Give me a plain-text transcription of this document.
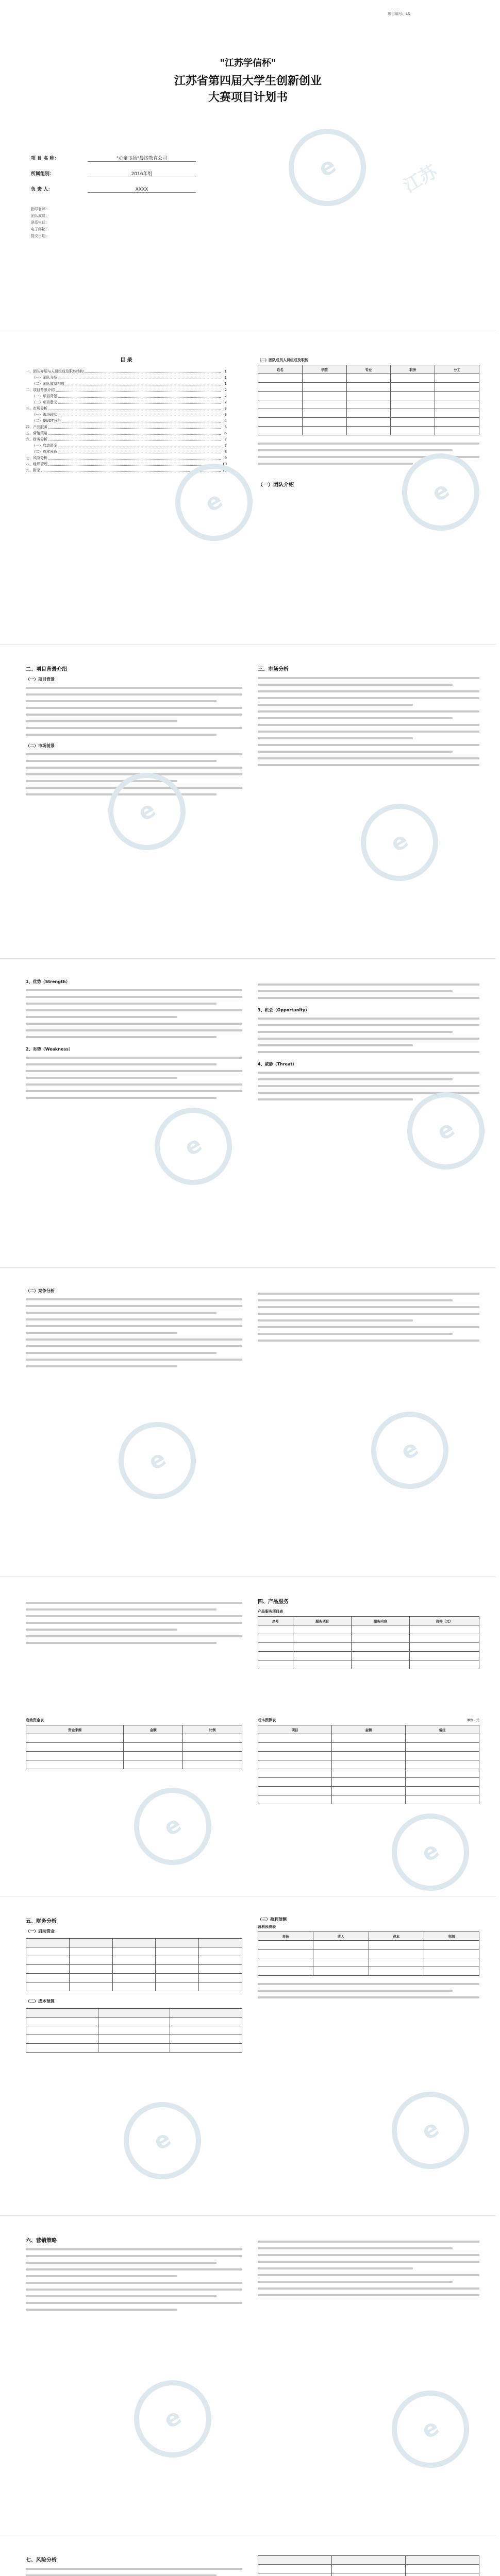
项目编号：LS
"江苏学信杯"
江苏省第四届大学生创新创业
大赛项目计划书
项 目 名 称：	"心童飞扬"晨诺教育公司
所属组别：	2016年组
负 责 人：	XXXX
指导老师：
团队成员：
联系电话：
电子邮箱：
提交日期：
e	江苏
目 录
一、团队介绍与人员组成及职能结构	1
（一）团队介绍	1
（二）团队成员构成	1
二、项目背景介绍	2
（一）项目背景	2
（二）项目意义	2
三、市场分析	3
（一）市场现状	3
（二）SWOT分析	4
四、产品服务	5
五、营销策略	6
六、财务分析	7
（一）启动资金	7
（二）成本预算	8
七、风险分析	9
八、组织管理	10
九、附录	11
（二）团队成员人员组成及职能
姓名	学院	专业	职务	分工

（一）团队介绍
e	e
二、项目背景介绍
（一）项目背景
（二）市场前景
三、市场分析
e
e
1、优势（Strength）
2、劣势（Weakness）
3、机会（Opportunity）
4、威胁（Threat）
e
e
（二）竞争分析
e	e
四、产品服务
产品服务项目表
序号	服务项目	服务内容	价格（元）

启动资金表
资金来源	金额	比例

成本预算表	单位：元
项目	金额	备注

e
e
五、财务分析
（一）启动资金

（二）成本预算

（三）盈利预测
盈利预测表
年份	收入	成本	利润

e	e
六、营销策略
e	e
七、风险分析
